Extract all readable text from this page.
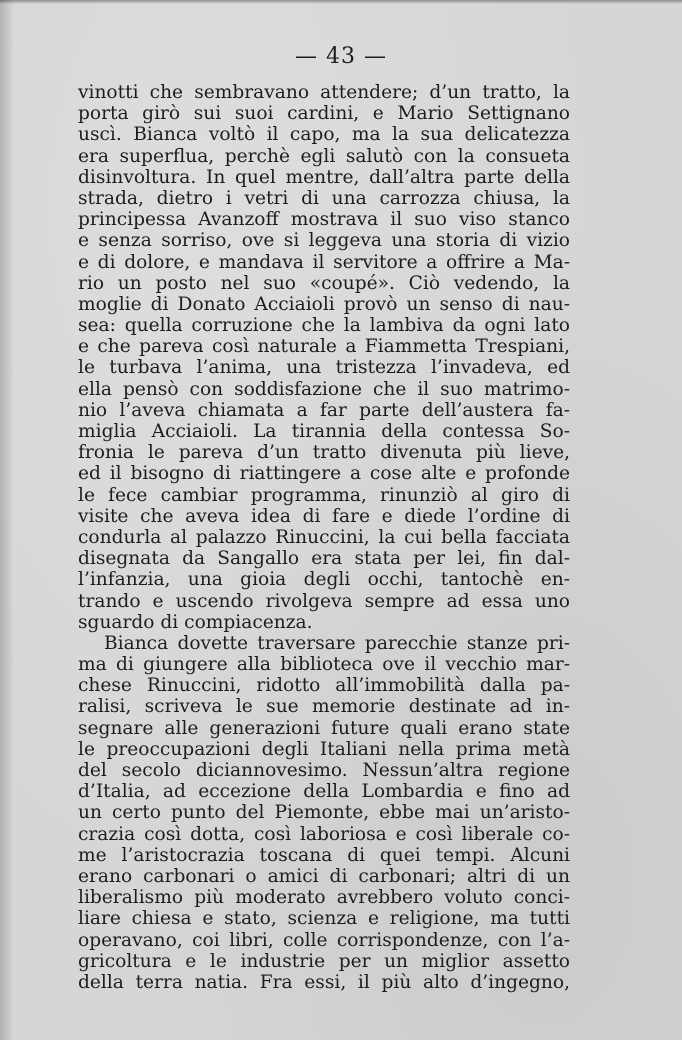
— 43 —
vinotti che sembravano attendere; d’un tratto, la
porta girò sui suoi cardini, e Mario Settignano
uscì. Bianca voltò il capo, ma la sua delicatezza
era superflua, perchè egli salutò con la consueta
disinvoltura. In quel mentre, dall’altra parte della
strada, dietro i vetri di una carrozza chiusa, la
principessa Avanzoff mostrava il suo viso stanco
e senza sorriso, ove si leggeva una storia di vizio
e di dolore, e mandava il servitore a offrire a Ma-
rio un posto nel suo «coupé». Ciò vedendo, la
moglie di Donato Acciaioli provò un senso di nau-
sea: quella corruzione che la lambiva da ogni lato
e che pareva così naturale a Fiammetta Trespiani,
le turbava l’anima, una tristezza l’invadeva, ed
ella pensò con soddisfazione che il suo matrimo-
nio l’aveva chiamata a far parte dell’austera fa-
miglia Acciaioli. La tirannia della contessa So-
fronia le pareva d’un tratto divenuta più lieve,
ed il bisogno di riattingere a cose alte e profonde
le fece cambiar programma, rinunziò al giro di
visite che aveva idea di fare e diede l’ordine di
condurla al palazzo Rinuccini, la cui bella facciata
disegnata da Sangallo era stata per lei, fin dal-
l’infanzia, una gioia degli occhi, tantochè en-
trando e uscendo rivolgeva sempre ad essa uno
sguardo di compiacenza.
Bianca dovette traversare parecchie stanze pri-
ma di giungere alla biblioteca ove il vecchio mar-
chese Rinuccini, ridotto all’immobilità dalla pa-
ralisi, scriveva le sue memorie destinate ad in-
segnare alle generazioni future quali erano state
le preoccupazioni degli Italiani nella prima metà
del secolo diciannovesimo. Nessun’altra regione
d’Italia, ad eccezione della Lombardia e fino ad
un certo punto del Piemonte, ebbe mai un’aristo-
crazia così dotta, così laboriosa e così liberale co-
me l’aristocrazia toscana di quei tempi. Alcuni
erano carbonari o amici di carbonari; altri di un
liberalismo più moderato avrebbero voluto conci-
liare chiesa e stato, scienza e religione, ma tutti
operavano, coi libri, colle corrispondenze, con l’a-
gricoltura e le industrie per un miglior assetto
della terra natia. Fra essi, il più alto d’ingegno,
